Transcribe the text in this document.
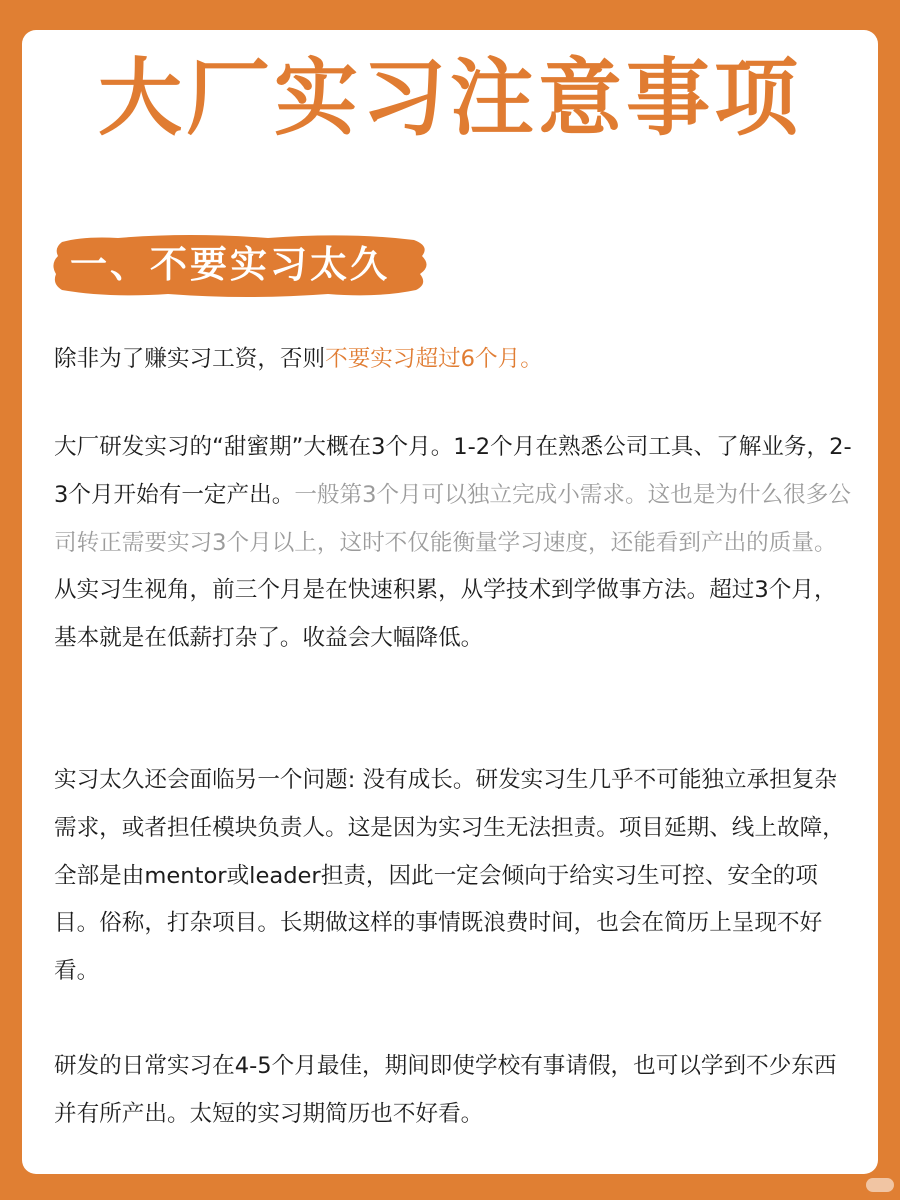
大厂实习注意事项
一、不要实习太久

除非为了赚实习工资，否则不要实习超过6个月。

大厂研发实习的“甜蜜期”大概在3个月。1-2个月在熟悉公司工具、了解业务，2-3个月开始有一定产出。一般第3个月可以独立完成小需求。这也是为什么很多公司转正需要实习3个月以上，这时不仅能衡量学习速度，还能看到产出的质量。从实习生视角，前三个月是在快速积累，从学技术到学做事方法。超过3个月，基本就是在低薪打杂了。收益会大幅降低。

实习太久还会面临另一个问题: 没有成长。研发实习生几乎不可能独立承担复杂需求，或者担任模块负责人。这是因为实习生无法担责。项目延期、线上故障，全部是由mentor或leader担责，因此一定会倾向于给实习生可控、安全的项目。俗称，打杂项目。长期做这样的事情既浪费时间，也会在简历上呈现不好看。

研发的日常实习在4-5个月最佳，期间即使学校有事请假，也可以学到不少东西并有所产出。太短的实习期简历也不好看。
